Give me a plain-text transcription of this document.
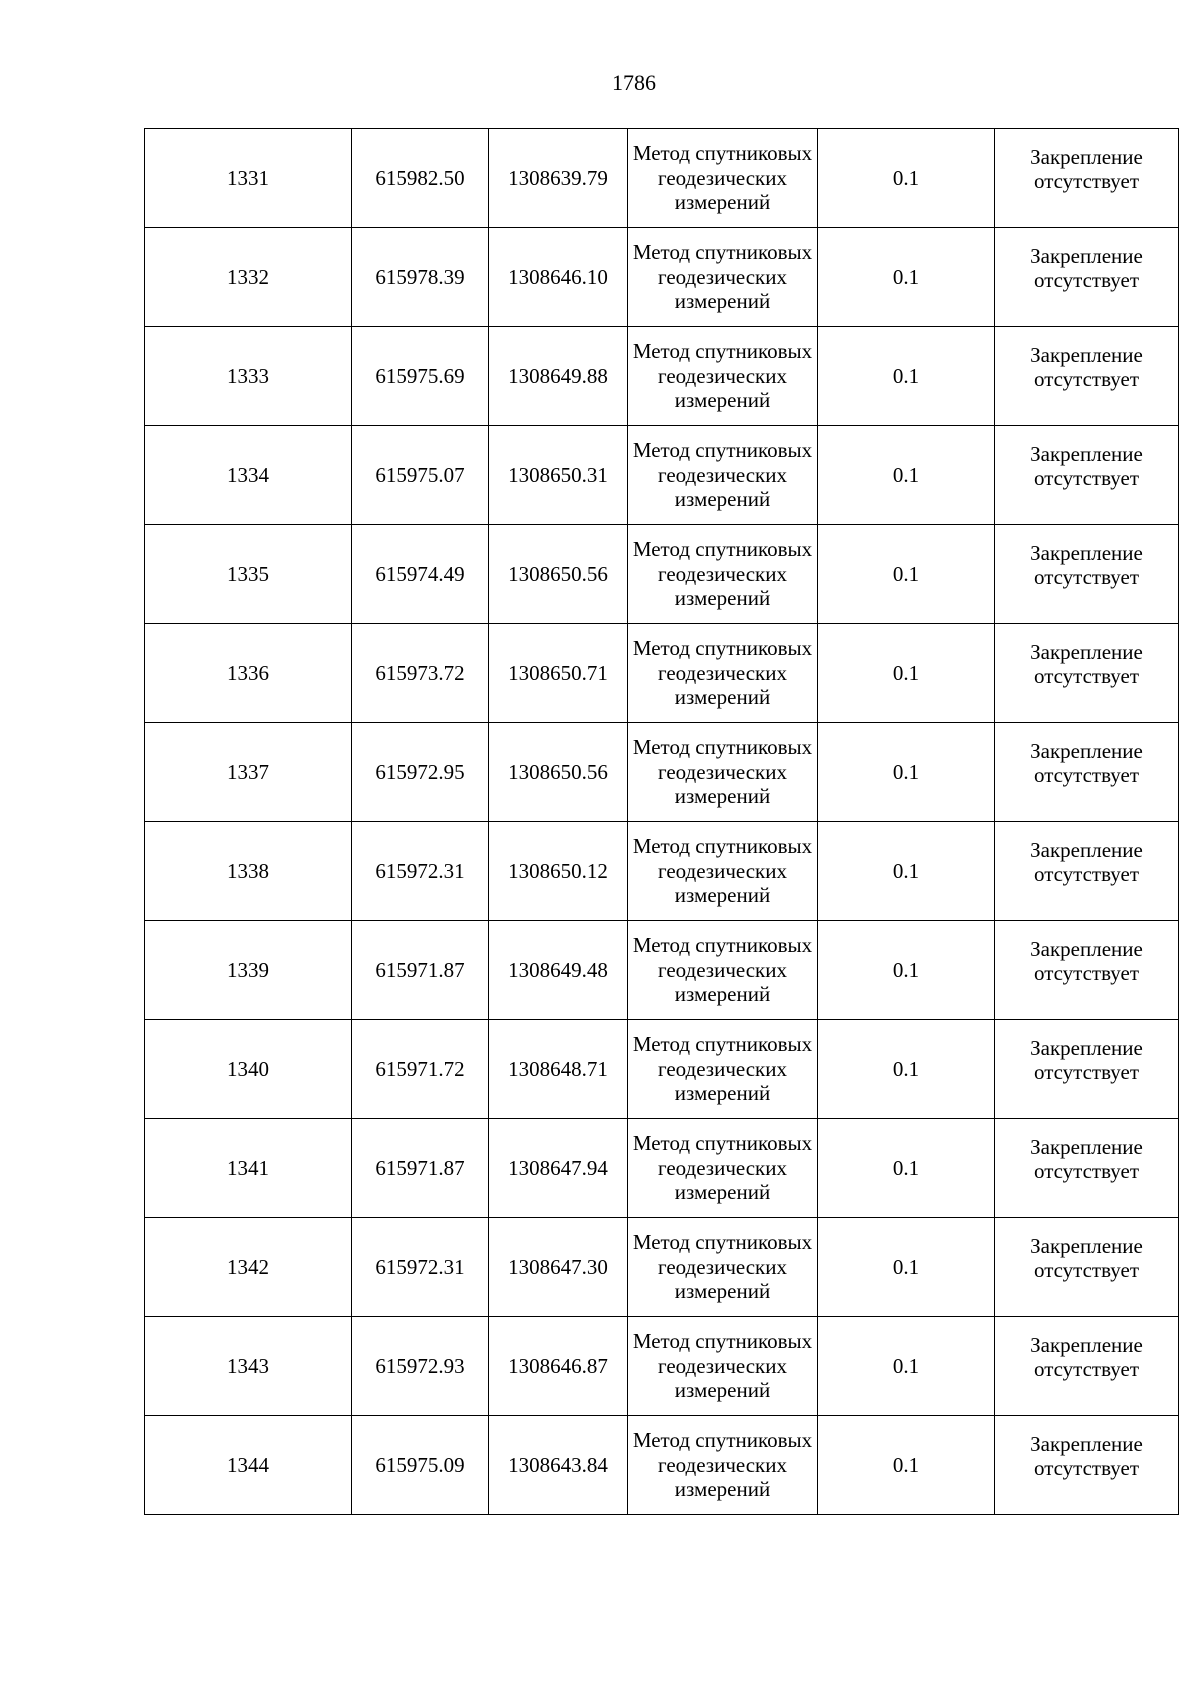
1786
1331	615982.50	1308639.79	Метод спутниковых геодезических измерений	0.1	Закрепление отсутствует
1332	615978.39	1308646.10	Метод спутниковых геодезических измерений	0.1	Закрепление отсутствует
1333	615975.69	1308649.88	Метод спутниковых геодезических измерений	0.1	Закрепление отсутствует
1334	615975.07	1308650.31	Метод спутниковых геодезических измерений	0.1	Закрепление отсутствует
1335	615974.49	1308650.56	Метод спутниковых геодезических измерений	0.1	Закрепление отсутствует
1336	615973.72	1308650.71	Метод спутниковых геодезических измерений	0.1	Закрепление отсутствует
1337	615972.95	1308650.56	Метод спутниковых геодезических измерений	0.1	Закрепление отсутствует
1338	615972.31	1308650.12	Метод спутниковых геодезических измерений	0.1	Закрепление отсутствует
1339	615971.87	1308649.48	Метод спутниковых геодезических измерений	0.1	Закрепление отсутствует
1340	615971.72	1308648.71	Метод спутниковых геодезических измерений	0.1	Закрепление отсутствует
1341	615971.87	1308647.94	Метод спутниковых геодезических измерений	0.1	Закрепление отсутствует
1342	615972.31	1308647.30	Метод спутниковых геодезических измерений	0.1	Закрепление отсутствует
1343	615972.93	1308646.87	Метод спутниковых геодезических измерений	0.1	Закрепление отсутствует
1344	615975.09	1308643.84	Метод спутниковых геодезических измерений	0.1	Закрепление отсутствует
